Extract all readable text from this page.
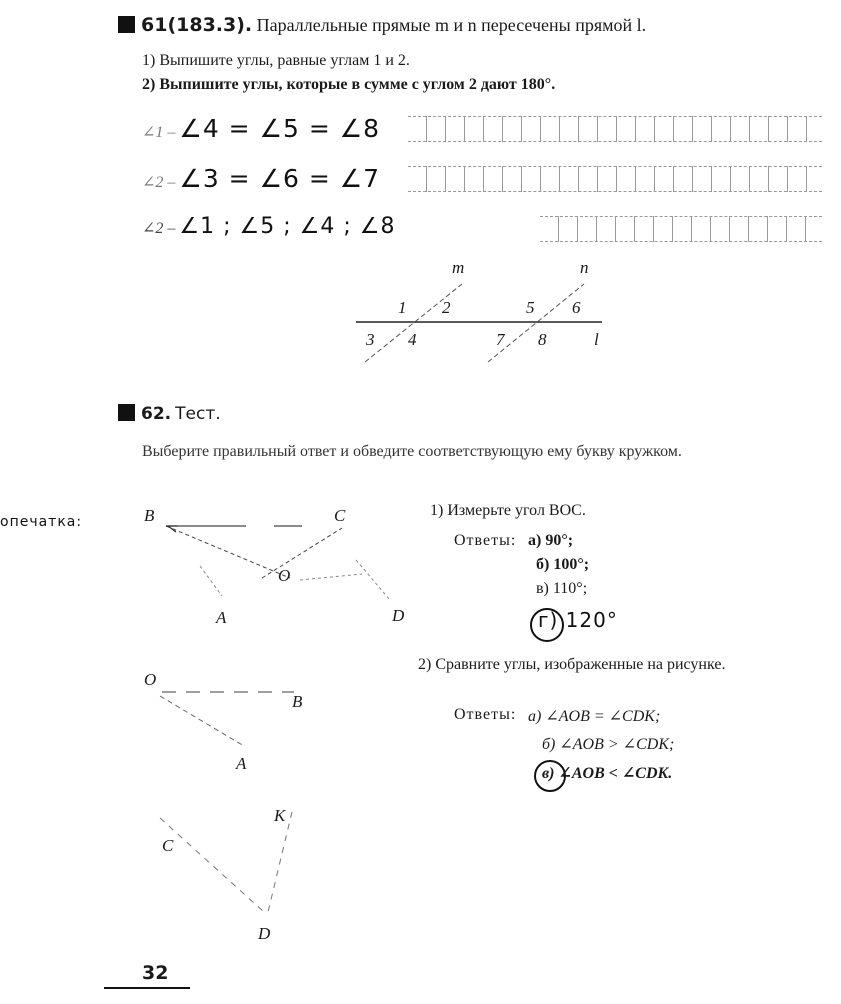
61(183.3). Параллельные прямые m и n пересечены прямой l.
1) Выпишите углы, равные углам 1 и 2.
2) Выпишите углы, которые в сумме с углом 2 дают 180°.
∠1 – ∠4 = ∠5 = ∠8
∠2 – ∠3 = ∠6 = ∠7
∠2 – ∠1 ; ∠5 ; ∠4 ; ∠8
m	n
1 2
3 4
5 6
7 8	l
62. Тест.
Выберите правильный ответ и обведите соответствующую ему букву кружком.
опечатка:	B	C
O
A	D
1) Измерьте угол BOC.
Ответы: а) 90°;
б) 100°;
в) 110°;
г) 120°
O
B
A
2) Сравните углы, изображенные на рисунке.
Ответы: а) ∠AOB = ∠CDK;
б) ∠AOB > ∠CDK;
в) ∠AOB < ∠CDK.
K
C
D
32
